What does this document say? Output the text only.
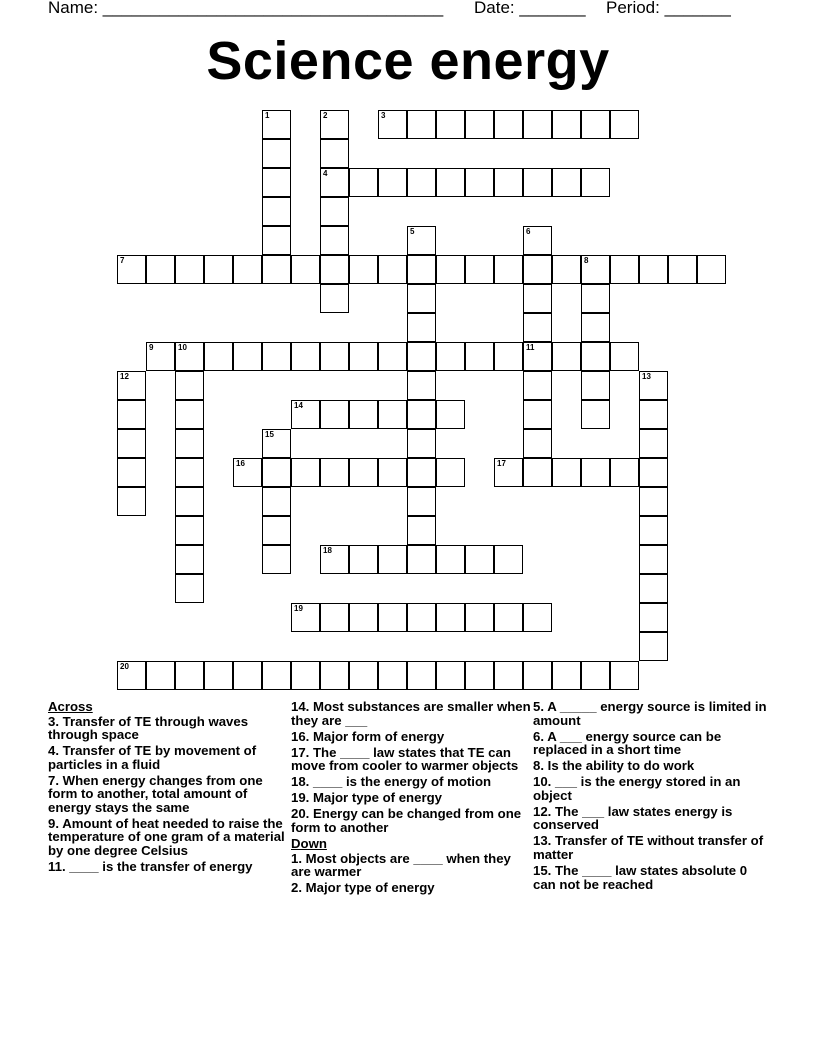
Name: ____________________________________ Date: _______ Period: _______
Science energy
3
4
7	8
9	10	11
14
16	17
18
19
20
1	2
5	6
12	13
15
Across
3. Transfer of TE through waves through space
4. Transfer of TE by movement of particles in a fluid
7. When energy changes from one form to another, total amount of energy stays the same
9. Amount of heat needed to raise the temperature of one gram of a material by one degree Celsius
11. ____ is the transfer of energy
14. Most substances are smaller when they are ___
16. Major form of energy
17. The ____ law states that TE can move from cooler to warmer objects
18. ____ is the energy of motion
19. Major type of energy
20. Energy can be changed from one form to another
Down
1. Most objects are ____ when they are warmer
2. Major type of energy
5. A _____ energy source is limited in amount
6. A ___ energy source can be replaced in a short time
8. Is the ability to do work
10. ___ is the energy stored in an object
12. The ___ law states energy is conserved
13. Transfer of TE without transfer of matter
15. The ____ law states absolute 0 can not be reached
